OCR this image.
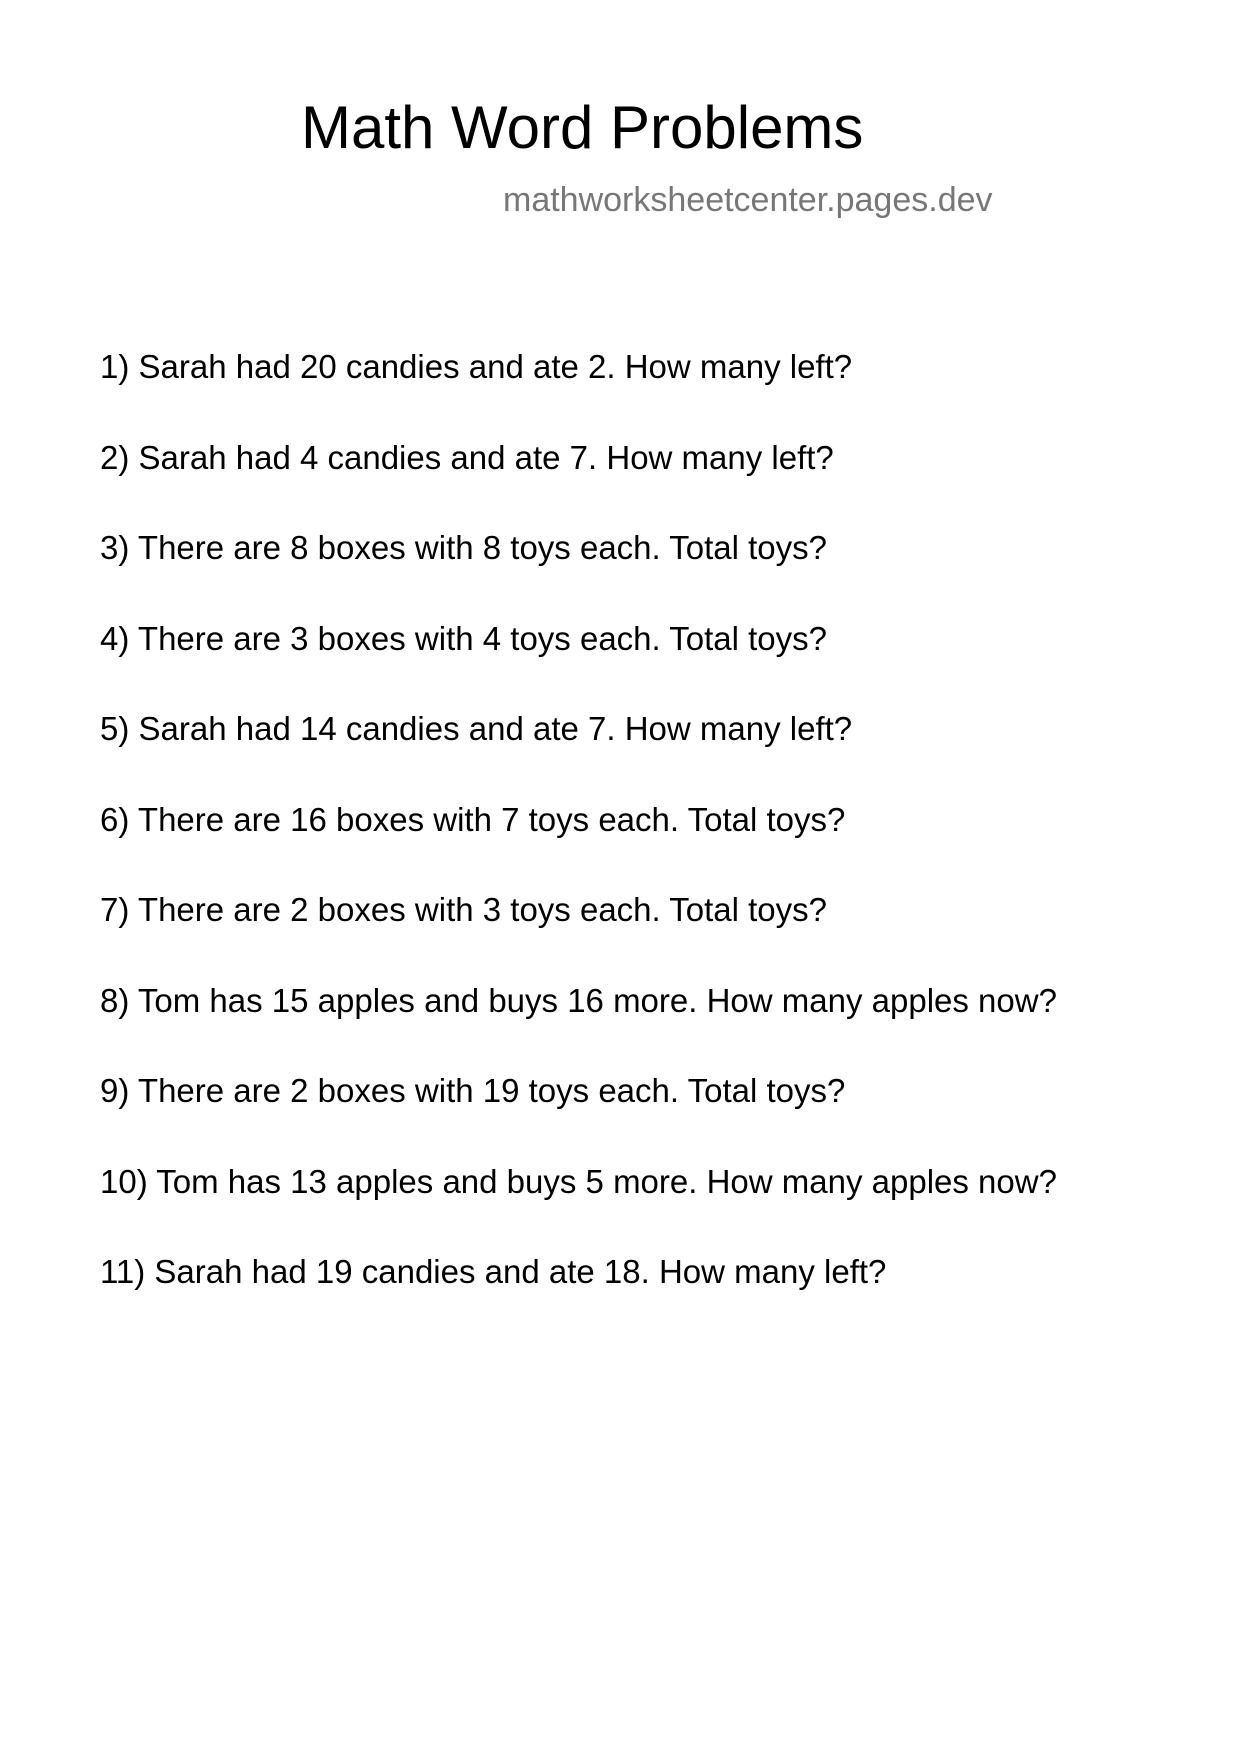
Math Word Problems
mathworksheetcenter.pages.dev
1) Sarah had 20 candies and ate 2. How many left?
2) Sarah had 4 candies and ate 7. How many left?
3) There are 8 boxes with 8 toys each. Total toys?
4) There are 3 boxes with 4 toys each. Total toys?
5) Sarah had 14 candies and ate 7. How many left?
6) There are 16 boxes with 7 toys each. Total toys?
7) There are 2 boxes with 3 toys each. Total toys?
8) Tom has 15 apples and buys 16 more. How many apples now?
9) There are 2 boxes with 19 toys each. Total toys?
10) Tom has 13 apples and buys 5 more. How many apples now?
11) Sarah had 19 candies and ate 18. How many left?
